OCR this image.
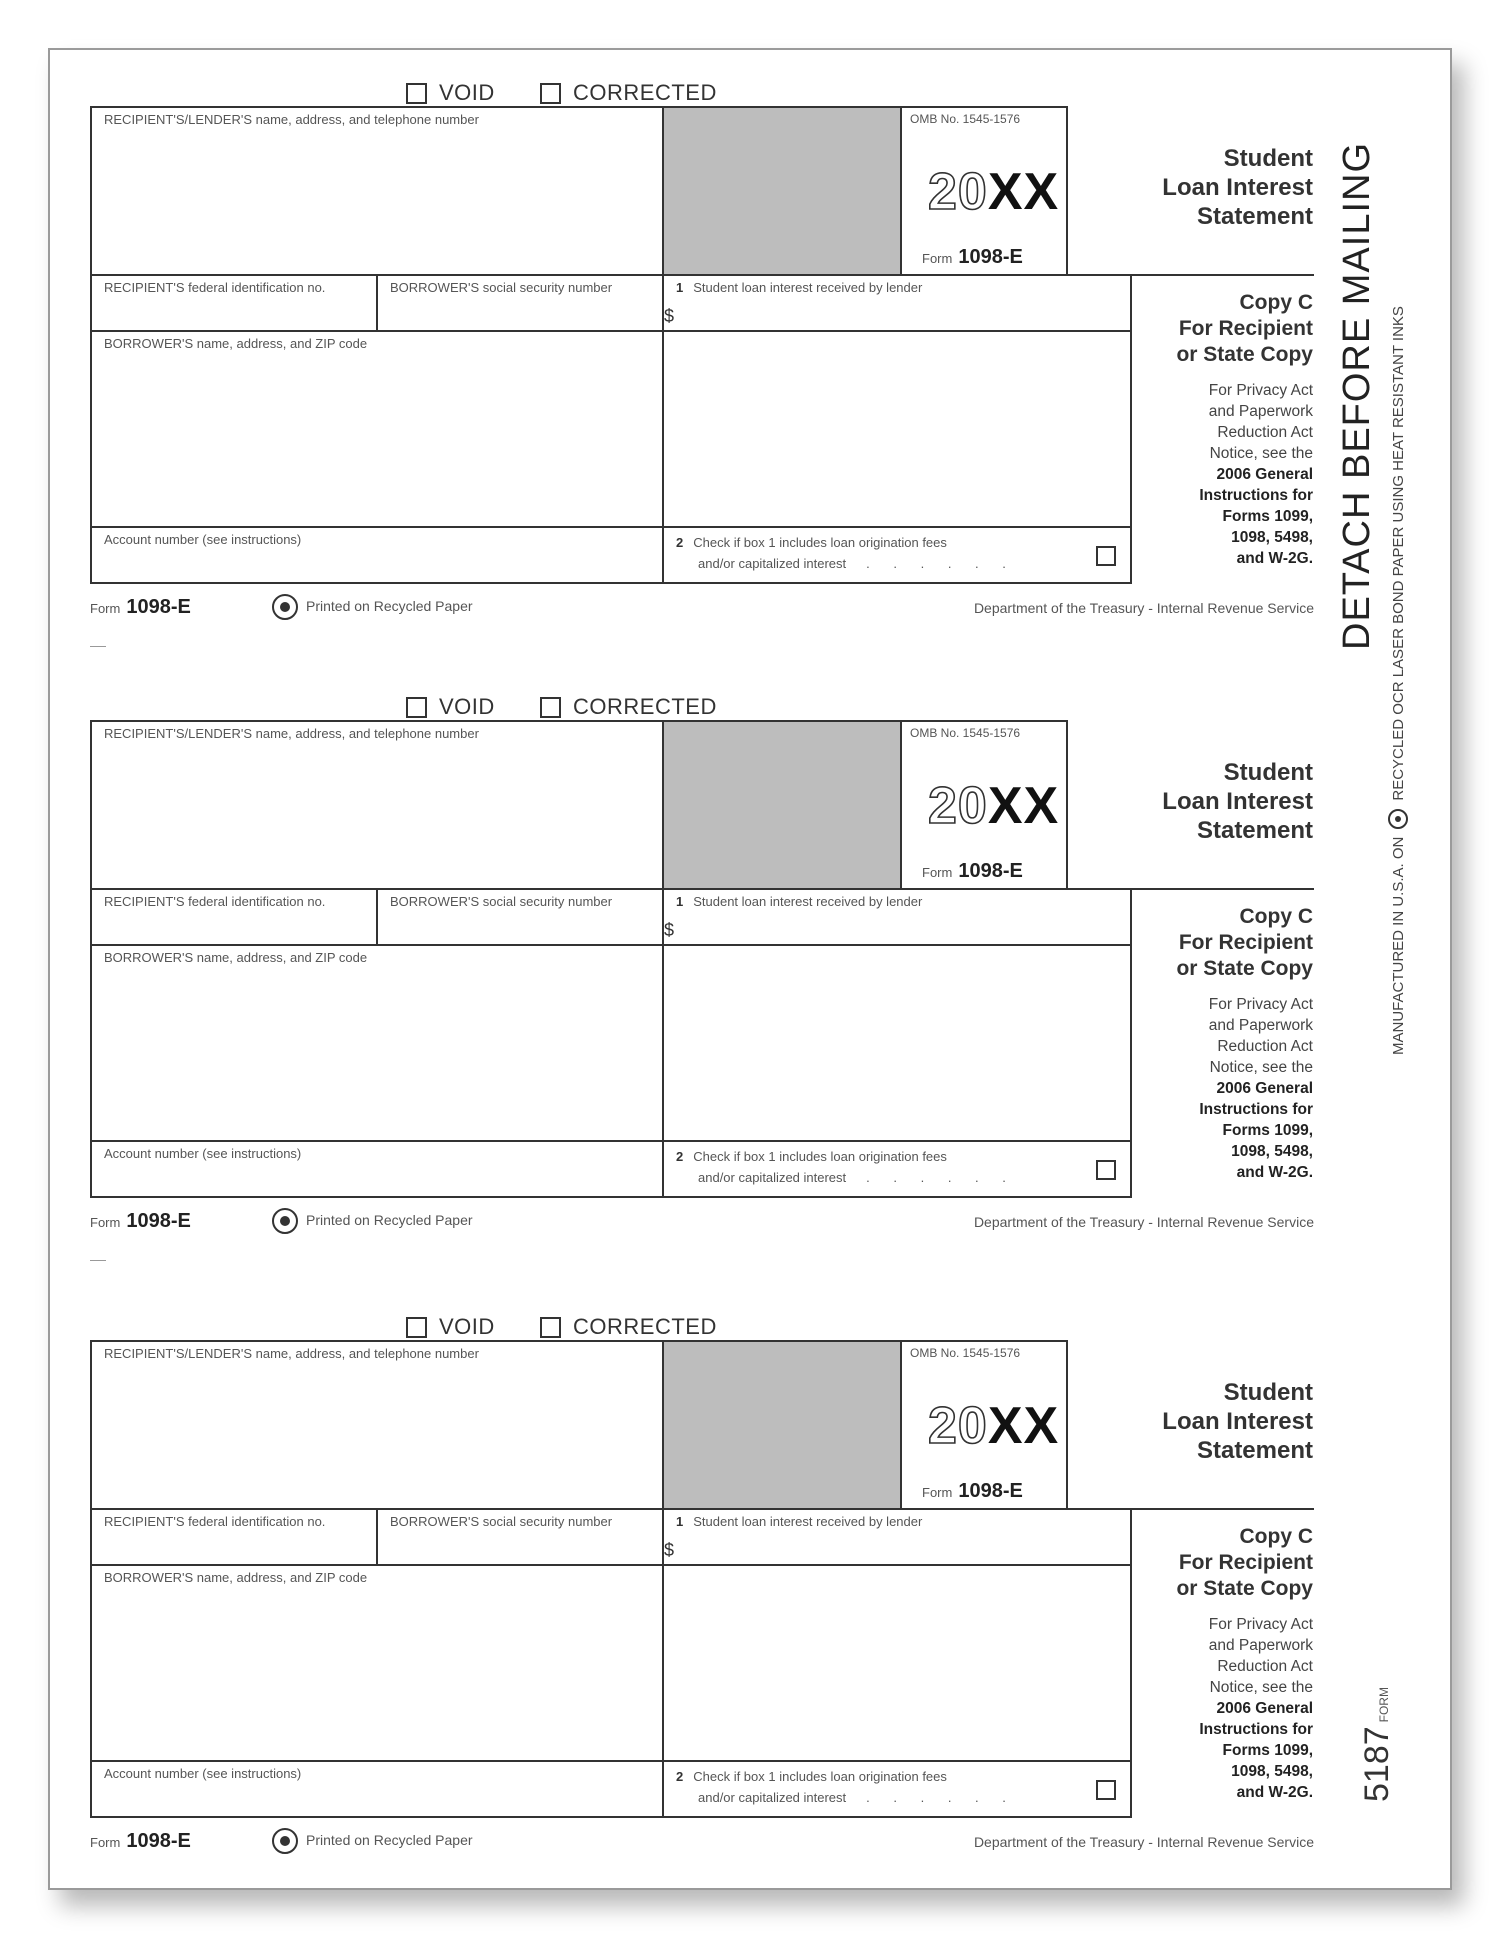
VOID	CORRECTED
RECIPIENT'S/LENDER'S name, address, and telephone number	OMB No. 1545-1576
20XX
Form 1098-E
RECIPIENT'S federal identification no.	BORROWER'S social security number	1 Student loan interest received by lender
$
BORROWER'S name, address, and ZIP code
Account number (see instructions)	2 Check if box 1 includes loan origination fees
and/or capitalized interest . . . . . .
Student
Loan Interest
Statement
Copy C
For Recipient
or State Copy
For Privacy Act
and Paperwork
Reduction Act
Notice, see the
2006 General
Instructions for
Forms 1099,
1098, 5498,
and W-2G.
Form 1098-E	Printed on Recycled Paper	Department of the Treasury - Internal Revenue Service
VOID	CORRECTED
RECIPIENT'S/LENDER'S name, address, and telephone number	OMB No. 1545-1576
20XX
Form 1098-E
RECIPIENT'S federal identification no.	BORROWER'S social security number	1 Student loan interest received by lender
$
BORROWER'S name, address, and ZIP code
Account number (see instructions)	2 Check if box 1 includes loan origination fees
and/or capitalized interest . . . . . .
Student
Loan Interest
Statement
Copy C
For Recipient
or State Copy
For Privacy Act
and Paperwork
Reduction Act
Notice, see the
2006 General
Instructions for
Forms 1099,
1098, 5498,
and W-2G.
Form 1098-E	Printed on Recycled Paper	Department of the Treasury - Internal Revenue Service
VOID	CORRECTED
RECIPIENT'S/LENDER'S name, address, and telephone number	OMB No. 1545-1576
20XX
Form 1098-E
RECIPIENT'S federal identification no.	BORROWER'S social security number	1 Student loan interest received by lender
$
BORROWER'S name, address, and ZIP code
Account number (see instructions)	2 Check if box 1 includes loan origination fees
and/or capitalized interest . . . . . .
Student
Loan Interest
Statement
Copy C
For Recipient
or State Copy
For Privacy Act
and Paperwork
Reduction Act
Notice, see the
2006 General
Instructions for
Forms 1099,
1098, 5498,
and W-2G.
Form 1098-E	Printed on Recycled Paper	Department of the Treasury - Internal Revenue Service
DETACH BEFORE MAILING
MANUFACTURED IN U.S.A. ON
RECYCLED OCR LASER BOND PAPER USING HEAT RESISTANT INKS
5187
FORM
